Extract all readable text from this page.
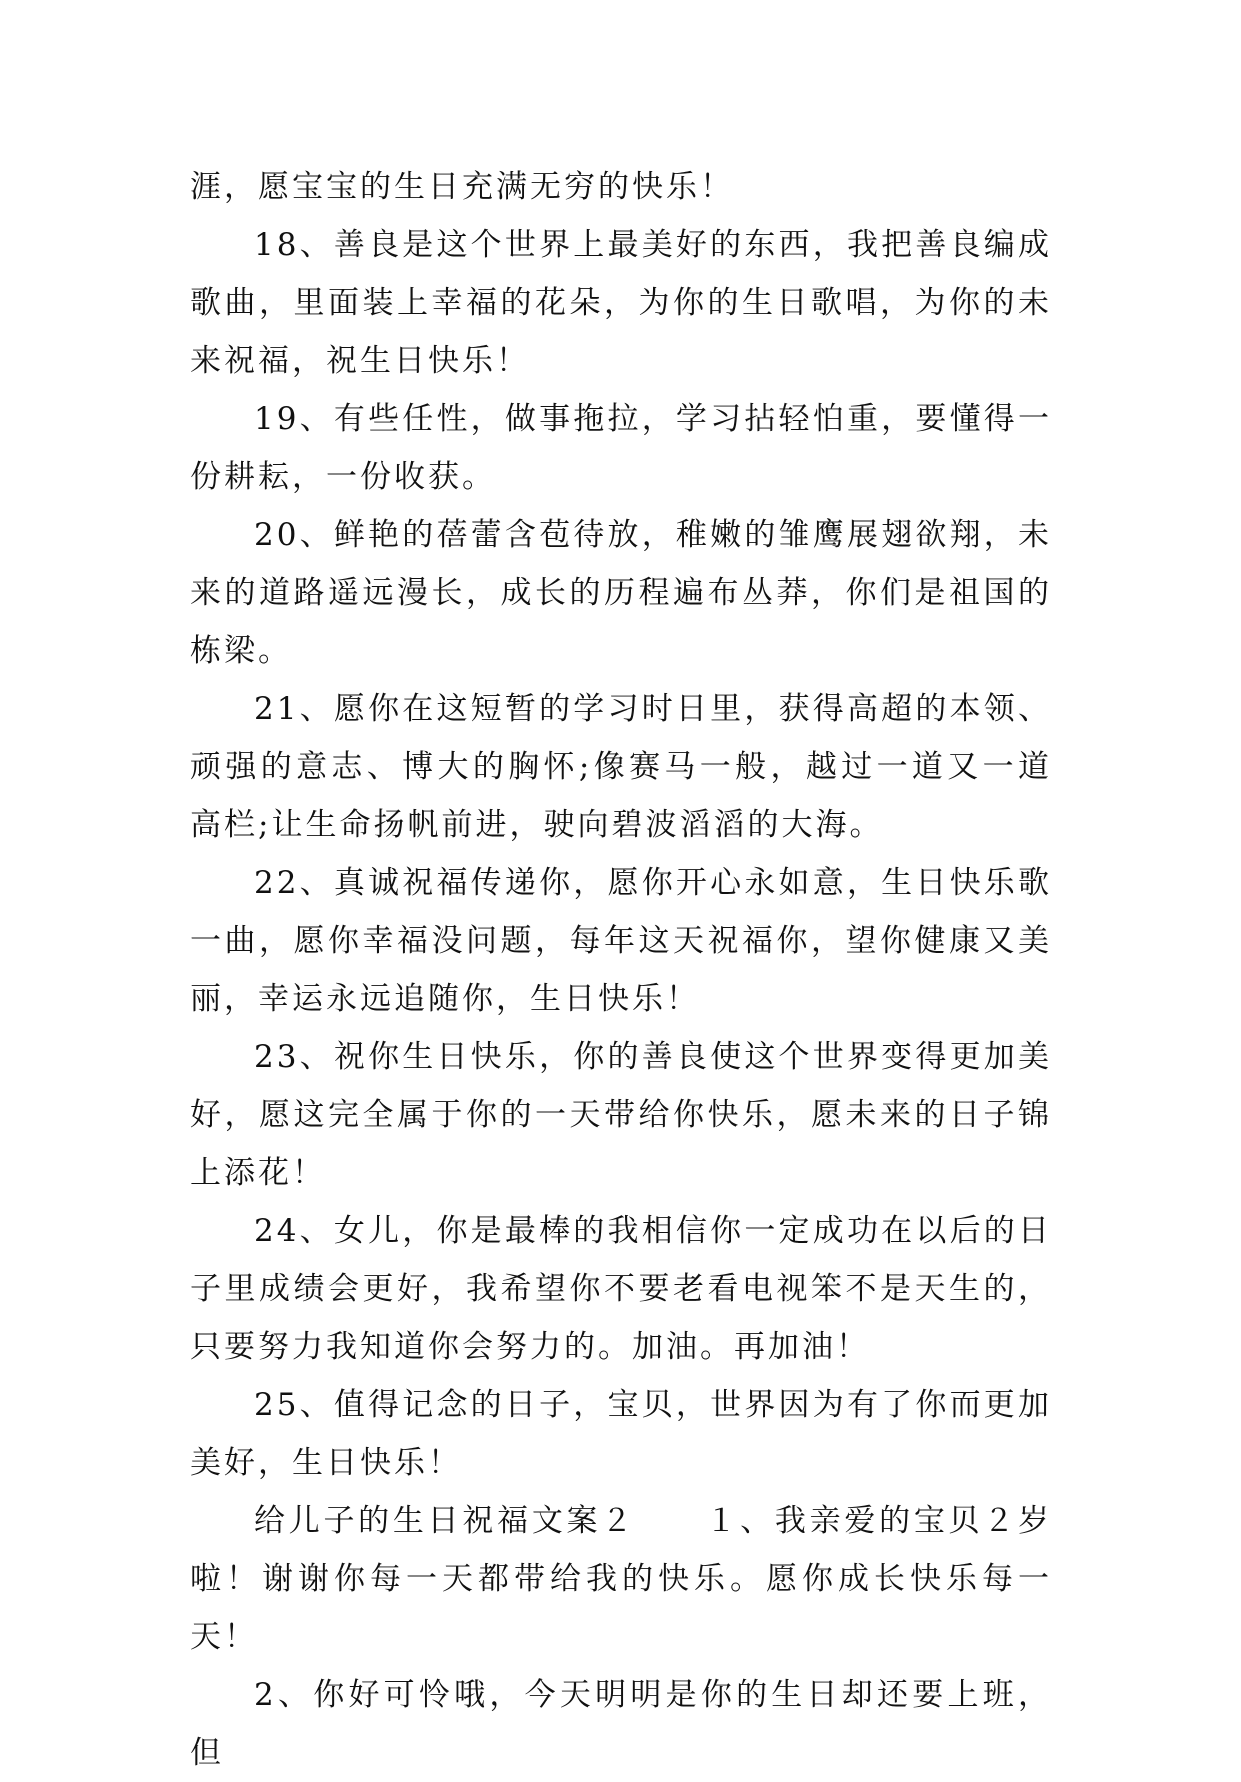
涯，愿宝宝的生日充满无穷的快乐！

18、善良是这个世界上最美好的东西，我把善良编成歌曲，里面装上幸福的花朵，为你的生日歌唱，为你的未来祝福，祝生日快乐！

19、有些任性，做事拖拉，学习拈轻怕重，要懂得一份耕耘，一份收获。

20、鲜艳的蓓蕾含苞待放，稚嫩的雏鹰展翅欲翔，未来的道路遥远漫长，成长的历程遍布丛莽，你们是祖国的栋梁。

21、愿你在这短暂的学习时日里，获得高超的本领、顽强的意志、博大的胸怀;像赛马一般，越过一道又一道高栏;让生命扬帆前进，驶向碧波滔滔的大海。

22、真诚祝福传递你，愿你开心永如意，生日快乐歌一曲，愿你幸福没问题，每年这天祝福你，望你健康又美丽，幸运永远追随你，生日快乐！

23、祝你生日快乐，你的善良使这个世界变得更加美好，愿这完全属于你的一天带给你快乐，愿未来的日子锦上添花！

24、女儿，你是最棒的我相信你一定成功在以后的日子里成绩会更好，我希望你不要老看电视笨不是天生的，只要努力我知道你会努力的。加油。再加油！

25、值得记念的日子，宝贝，世界因为有了你而更加美好，生日快乐！

给儿子的生日祝福文案２　　１、我亲爱的宝贝２岁啦！谢谢你每一天都带给我的快乐。愿你成长快乐每一天！

2、你好可怜哦，今天明明是你的生日却还要上班，但
